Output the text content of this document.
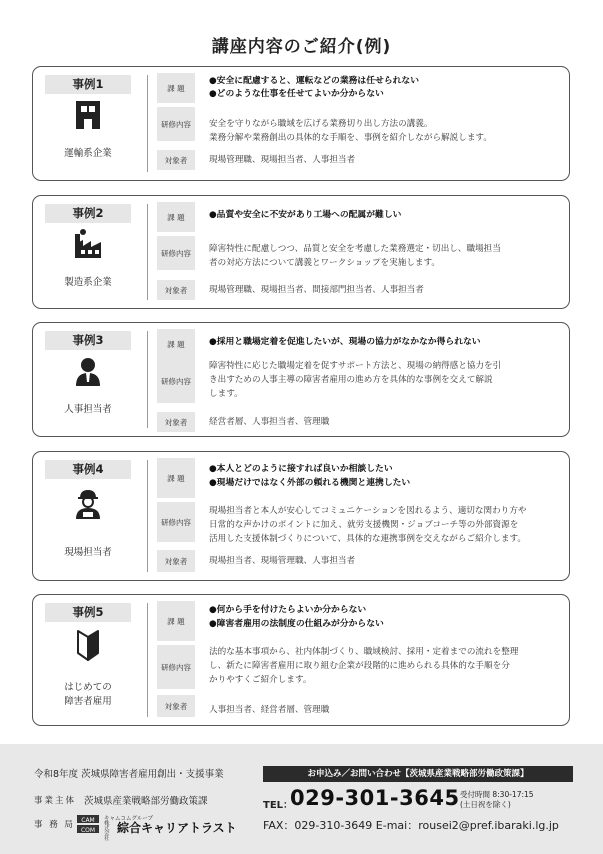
講座内容のご紹介(例)
事例1
運輸系企業
課 題
研修内容
対象者
●安全に配慮すると、運転などの業務は任せられない
●どのような仕事を任せてよいか分からない
安全を守りながら職域を広げる業務切り出し方法の講義。
業務分解や業務創出の具体的な手順を、事例を紹介しながら解説します。
現場管理職、現場担当者、人事担当者
事例2
製造系企業
課 題
研修内容
対象者
●品質や安全に不安があり工場への配属が難しい
障害特性に配慮しつつ、品質と安全を考慮した業務選定・切出し、職場担当
者の対応方法について講義とワークショップを実施します。
現場管理職、現場担当者、間接部門担当者、人事担当者
事例3
人事担当者
課 題
研修内容
対象者
●採用と職場定着を促進したいが、現場の協力がなかなか得られない
障害特性に応じた職場定着を促すサポート方法と、現場の納得感と協力を引
き出すための人事主導の障害者雇用の進め方を具体的な事例を交えて解説
します。
経営者層、人事担当者、管理職
事例4
現場担当者
課 題
研修内容
対象者
●本人とどのように接すれば良いか相談したい
●現場だけではなく外部の頼れる機関と連携したい
現場担当者と本人が安心してコミュニケーションを図れるよう、適切な関わり方や
日常的な声かけのポイントに加え、就労支援機関・ジョブコーチ等の外部資源を
活用した支援体制づくりについて、具体的な連携事例を交えながらご紹介します。
現場担当者、現場管理職、人事担当者
事例5
はじめての
障害者雇用
課 題
研修内容
対象者
●何から手を付けたらよいか分からない
●障害者雇用の法制度の仕組みが分からない
法的な基本事項から、社内体制づくり、職域検討、採用・定着までの流れを整理
し、新たに障害者雇用に取り組む企業が段階的に進められる具体的な手順を分
かりやすくご紹介します。
人事担当者、経営者層、管理職
令和8年度 茨城県障害者雇用創出・支援事業
事業主体 茨城県産業戦略部労働政策課
事 務 局 CAM
COM
キャムコムグループ
株式会社
綜合キャリアトラスト
お申込み／お問い合わせ【茨城県産業戦略部労働政策課】
TEL：
029-301-3645 受付時間 8:30-17:15
(土日祝を除く)
FAX：029-310-3649 E-mai：rousei2@pref.ibaraki.lg.jp
